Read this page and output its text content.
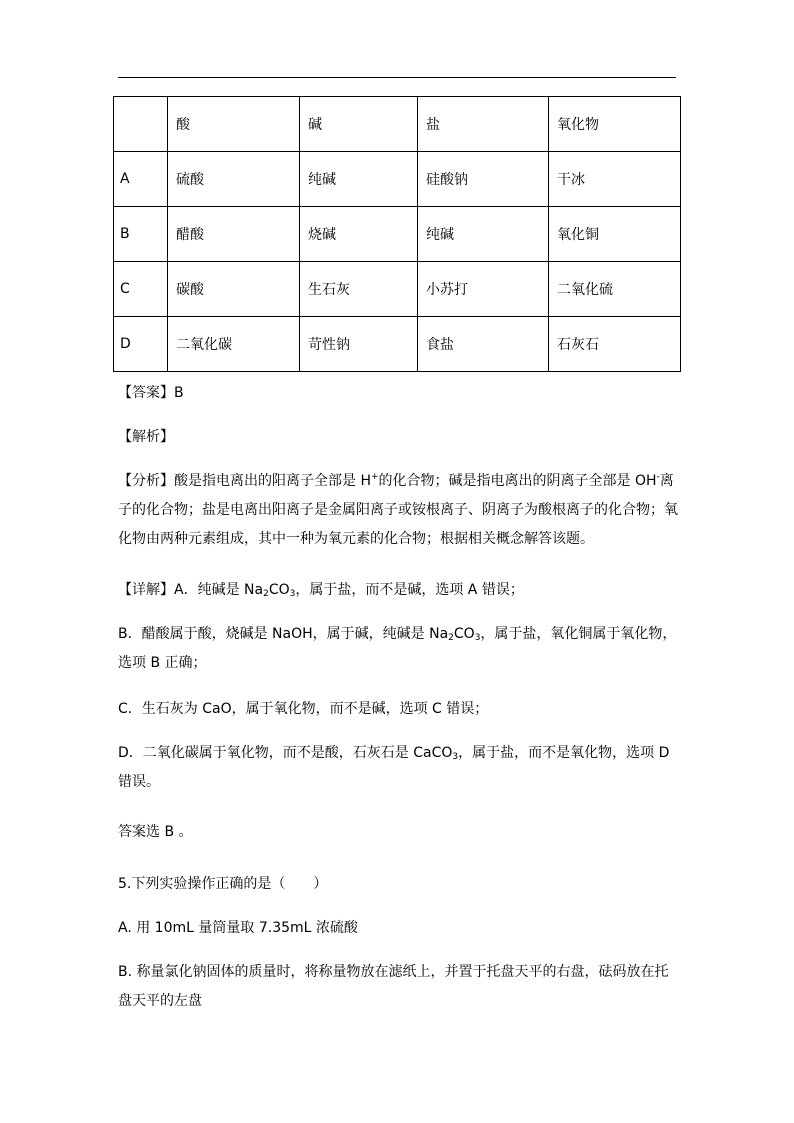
	酸	碱	盐	氧化物
A	硫酸	纯碱	硅酸钠	干冰
B	醋酸	烧碱	纯碱	氧化铜
C	碳酸	生石灰	小苏打	二氧化硫
D	二氧化碳	苛性钠	食盐	石灰石

【答案】B

【解析】

【分析】酸是指电离出的阳离子全部是 H+的化合物；碱是指电离出的阴离子全部是 OH-离子的化合物；盐是电离出阳离子是金属阳离子或铵根离子、阴离子为酸根离子的化合物；氧化物由两种元素组成，其中一种为氧元素的化合物；根据相关概念解答该题。

【详解】A．纯碱是 $Na_2CO_3$，属于盐，而不是碱，选项 A 错误；

B．醋酸属于酸，烧碱是 NaOH，属于碱，纯碱是 $Na_2CO_3$，属于盐，氧化铜属于氧化物，选项 B 正确；

C．生石灰为 CaO，属于氧化物，而不是碱，选项 C 错误；

D．二氧化碳属于氧化物，而不是酸，石灰石是 CaCO$_3$，属于盐，而不是氧化物，选项 D 错误。

答案选 B 。

5.下列实验操作正确的是（　　）

A. 用 10mL 量筒量取 7.35mL 浓硫酸

B. 称量氯化钠固体的质量时，将称量物放在滤纸上，并置于托盘天平的右盘，砝码放在托盘天平的左盘
